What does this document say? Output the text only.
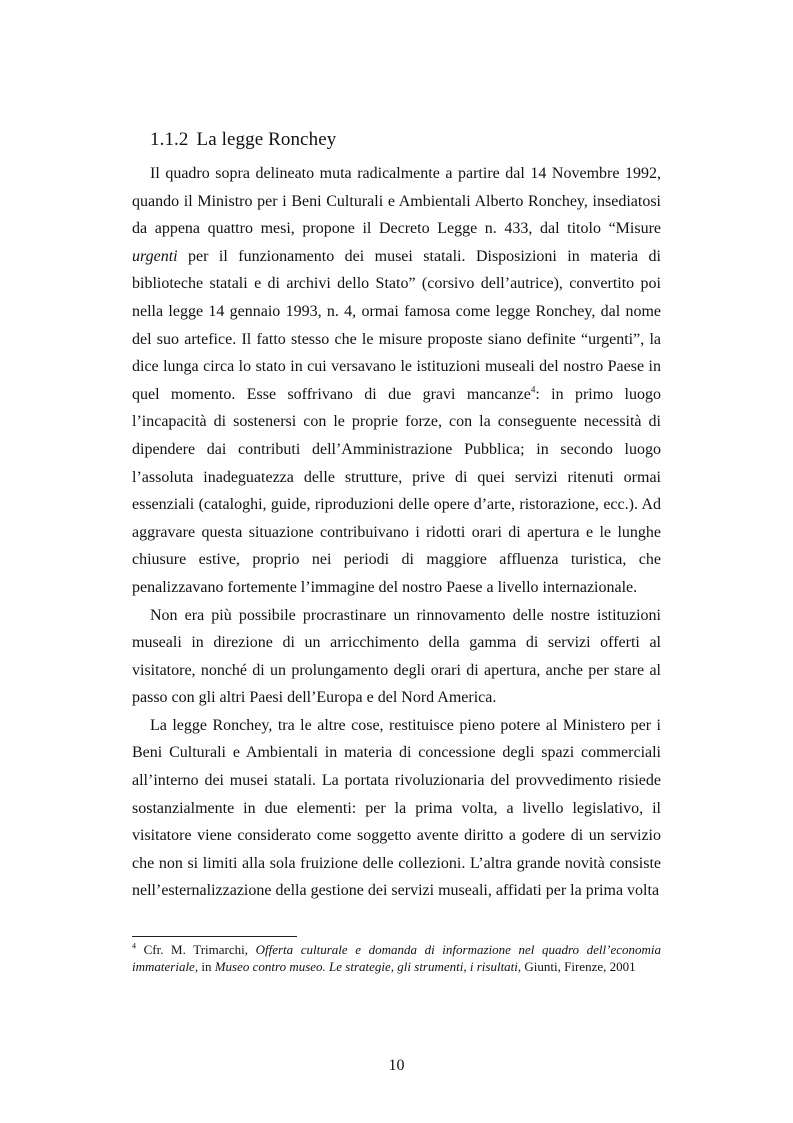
1.1.2 La legge Ronchey

Il quadro sopra delineato muta radicalmente a partire dal 14 Novembre 1992, quando il Ministro per i Beni Culturali e Ambientali Alberto Ronchey, insediatosi da appena quattro mesi, propone il Decreto Legge n. 433, dal titolo “Misure urgenti per il funzionamento dei musei statali. Disposizioni in materia di biblioteche statali e di archivi dello Stato” (corsivo dell’autrice), convertito poi nella legge 14 gennaio 1993, n. 4, ormai famosa come legge Ronchey, dal nome del suo artefice. Il fatto stesso che le misure proposte siano definite “urgenti”, la dice lunga circa lo stato in cui versavano le istituzioni museali del nostro Paese in quel momento. Esse soffrivano di due gravi mancanze$^4$: in primo luogo l’incapacità di sostenersi con le proprie forze, con la conseguente necessità di dipendere dai contributi dell’Amministrazione Pubblica; in secondo luogo l’assoluta inadeguatezza delle strutture, prive di quei servizi ritenuti ormai essenziali (cataloghi, guide, riproduzioni delle opere d’arte, ristorazione, ecc.). Ad aggravare questa situazione contribuivano i ridotti orari di apertura e le lunghe chiusure estive, proprio nei periodi di maggiore affluenza turistica, che penalizzavano fortemente l’immagine del nostro Paese a livello internazionale.

Non era più possibile procrastinare un rinnovamento delle nostre istituzioni museali in direzione di un arricchimento della gamma di servizi offerti al visitatore, nonché di un prolungamento degli orari di apertura, anche per stare al passo con gli altri Paesi dell’Europa e del Nord America.

La legge Ronchey, tra le altre cose, restituisce pieno potere al Ministero per i Beni Culturali e Ambientali in materia di concessione degli spazi commerciali all’interno dei musei statali. La portata rivoluzionaria del provvedimento risiede sostanzialmente in due elementi: per la prima volta, a livello legislativo, il visitatore viene considerato come soggetto avente diritto a godere di un servizio che non si limiti alla sola fruizione delle collezioni. L’altra grande novità consiste nell’esternalizzazione della gestione dei servizi museali, affidati per la prima volta

$^4$ Cfr. M. Trimarchi, Offerta culturale e domanda di informazione nel quadro dell’economia immateriale, in Museo contro museo. Le strategie, gli strumenti, i risultati, Giunti, Firenze, 2001
10
